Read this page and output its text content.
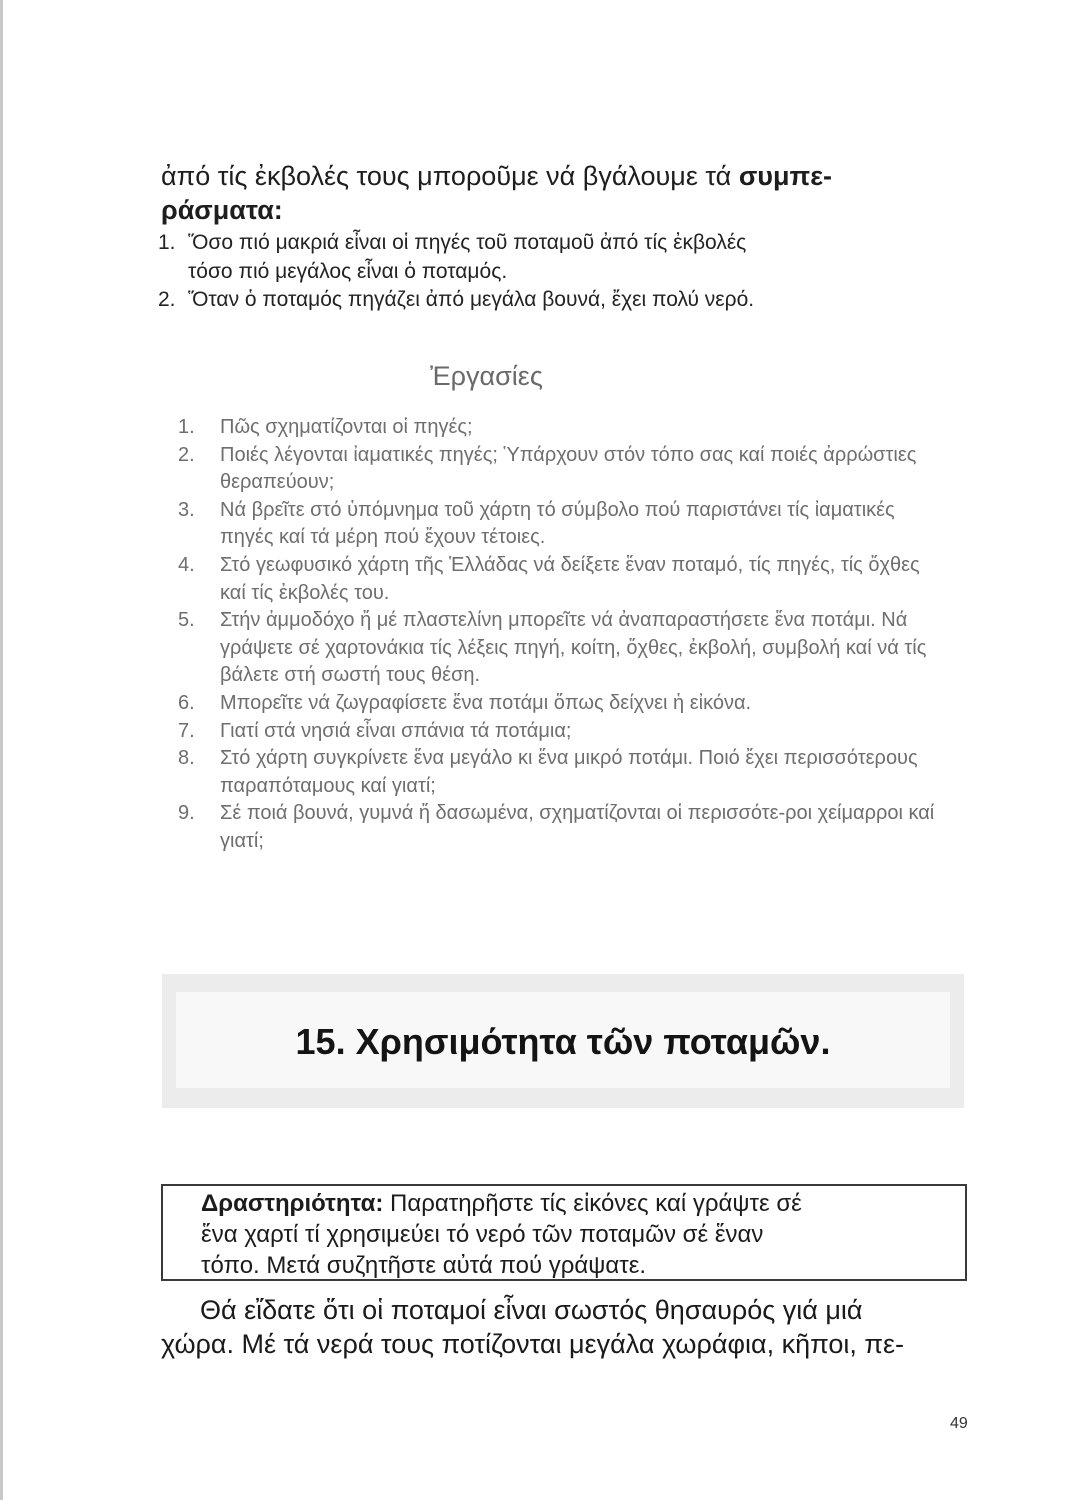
ἀπό τίς ἐκβολές τους μποροῦμε νά βγάλουμε τά συμπε-
ράσματα:
1. Ὅσο πιό μακριά εἶναι οἱ πηγές τοῦ ποταμοῦ ἀπό τίς ἐκβολές
τόσο πιό μεγάλος εἶναι ὁ ποταμός.
2. Ὅταν ὁ ποταμός πηγάζει ἀπό μεγάλα βουνά, ἔχει πολύ νερό.
Ἐργασίες
1.	Πῶς σχηματίζονται οἱ πηγές;
2.	Ποιές λέγονται ἰαματικές πηγές; Ὑπάρχουν στόν τόπο σας καί ποιές ἀρρώστιες θεραπεύουν;
3.	Νά βρεῖτε στό ὑπόμνημα τοῦ χάρτη τό σύμβολο πού παριστάνει τίς ἰαματικές πηγές καί τά μέρη πού ἔχουν τέτοιες.
4.	Στό γεωφυσικό χάρτη τῆς Ἑλλάδας νά δείξετε ἕναν ποταμό, τίς πηγές, τίς ὄχθες καί τίς ἐκβολές του.
5.	Στήν ἀμμοδόχο ἤ μέ πλαστελίνη μπορεῖτε νά ἀναπαραστήσετε ἕνα ποτάμι. Νά γράψετε σέ χαρτονάκια τίς λέξεις πηγή, κοίτη, ὄχθες, ἐκβολή, συμβολή καί νά τίς βάλετε στή σωστή τους θέση.
6.	Μπορεῖτε νά ζωγραφίσετε ἕνα ποτάμι ὅπως δείχνει ἡ εἰκόνα.
7.	Γιατί στά νησιά εἶναι σπάνια τά ποτάμια;
8.	Στό χάρτη συγκρίνετε ἕνα μεγάλο κι ἕνα μικρό ποτάμι. Ποιό ἔχει περισσότερους παραπόταμους καί γιατί;
9.	Σέ ποιά βουνά, γυμνά ἤ δασωμένα, σχηματίζονται οἱ περισσότε-ροι χείμαρροι καί γιατί;
15. Χρησιμότητα τῶν ποταμῶν.
Δραστηριότητα: Παρατηρῆστε τίς εἰκόνες καί γράψτε σέ
ἕνα χαρτί τί χρησιμεύει τό νερό τῶν ποταμῶν σέ ἕναν
τόπο. Μετά συζητῆστε αὐτά πού γράψατε.
Θά εἴδατε ὅτι οἱ ποταμοί εἶναι σωστός θησαυρός γιά μιά
χώρα. Μέ τά νερά τους ποτίζονται μεγάλα χωράφια, κῆποι, πε-
49
